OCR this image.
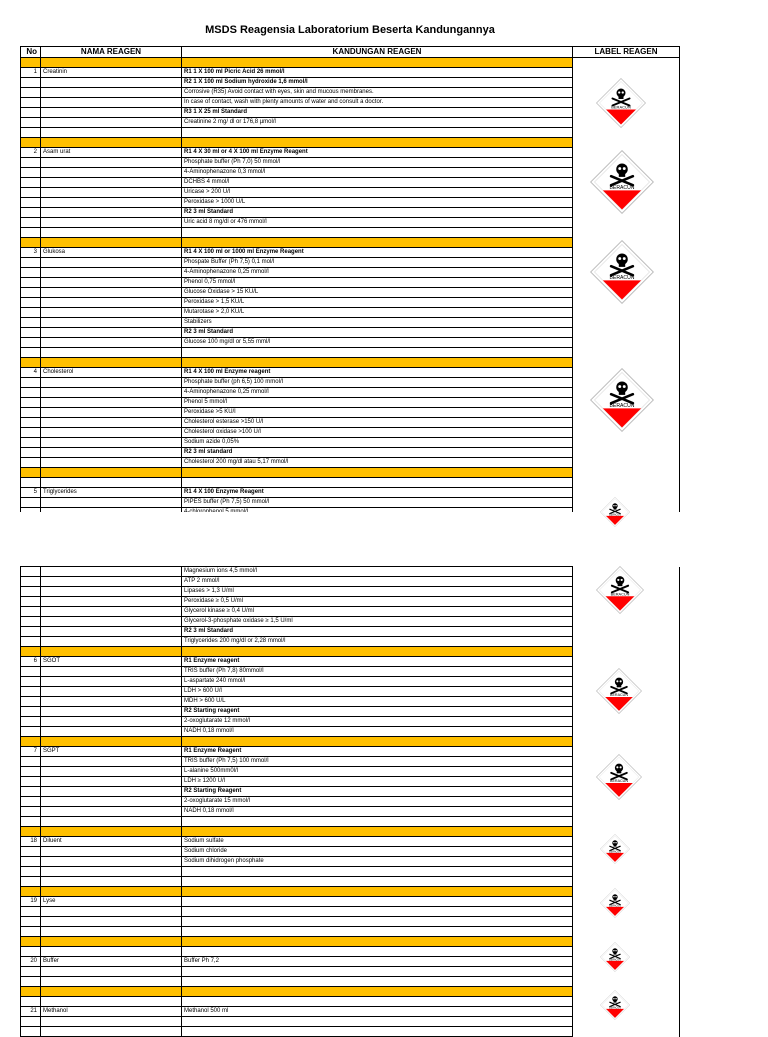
MSDS Reagensia Laboratorium Beserta Kandungannya
No	NAMA REAGEN	KANDUNGAN REAGEN	LABEL REAGEN

1	Creatinin	R1 1 X 100 ml Picric Acid 26 mmol/l	
		R2 1 X 100 ml Sodium hydroxide 1,6 mmol/l	
		Corrosive (R35) Avoid contact with eyes, skin and mucous membranes.	
		In case of contact, wash with plenty amounts of water and consult a doctor.	
		R3 1 X 25 ml Standard	
		Creatinine 2 mg/ dl or 176,8 µmol/l	

2	Asam urat	R1 4 X 30 ml or 4 X 100 ml Enzyme Reagent	
		Phosphate buffer (Ph 7,0) 50 mmol/l	
		4-Aminophenazone 0,3 mmol/l	
		DCHBS 4 mmol/l	
		Uricase > 200 U/l	
		Peroxidase > 1000 U/L	
		R2 3 ml Standard	
		Uric acid 8 mg/dl or 476 mmol/l	

3	Glukosa	R1 4 X 100 ml or 1000 ml Enzyme Reagent	
		Phospate Buffer (Ph 7,5) 0,1 mol/l	
		4-Aminophenazone 0,25 mmol/l	
		Phenol 0,75 mmol/l	
		Glucose Oxidase > 15 KU/L	
		Peroxidase > 1,5 KU/L	
		Mutarotase > 2,0 KU/L	
		Stabilizers	
		R2 3 ml Standard	
		Glucose 100 mg/dl or 5,55 mml/l	

4	Cholesterol	R1 4 X 100 ml Enzyme reagent	
		Phosphate buffer (ph 6,5) 100 mmol/l	
		4-Aminophenazone 0,25 mmol/l	
		Phenol 5 mmol/l	
		Peroxidase >5 KU/l	
		Cholesterol esterase >150 U/l	
		Cholesterol oxidase >100 U/l	
		Sodium azide 0,05%	
		R2 3 ml standard	
		Cholesterol 200 mg/dl atau 5,17 mmol/l	

5	Triglycerides	R1 4 X 100 Enzyme Reagent	
		PIPES buffer (Ph 7,5) 50 mmol/l	

		Magnesium ions 4,5 mmol/l	
		ATP 2 mmol/l	
		Lipases > 1,3 U/ml	
		Peroxidase ≥ 0,5 U/ml	
		Glycerol kinase ≥ 0,4 U/ml	
		Glycerol-3-phosphate oxidase ≥ 1,5 U/ml	
		R2 3 ml Standard	
		Triglycerides 200 mg/dl or 2,28 mmol/l	

6	SGOT	R1 Enzyme reagent	
		TRIS buffer (Ph 7,8) 80mmol/l	
		L-aspartate 240 mmol/l	
		LDH > 600 U/l	
		MDH > 600 U/L	
		R2 Starting reagent	
		2-oxoglutarate 12 mmol/l	
		NADH 0,18 mmol/l	

7	SGPT	R1 Enzyme Reagent	
		TRIS buffer (Ph 7,5) 100 mmol/l	
		L-alanine 500mm0l/l	
		LDH ≥ 1200 U/l	
		R2 Starting Reagent	
		2-oxoglutarate 15 mmol/l	
		NADH 0,18 mmol/l	

18	Diluent	Sodium sulfate	
		Sodium chloride	
		Sodium dihidrogen phosphate	

19	Lyse		

20	Buffer	Buffer Ph 7,2	

21	Methanol	Methanol 500 ml	

BERACUN
BERACUN
BERACUN
BERACUN
BERACUN
BERACUN
BERACUN
BERACUN
BERACUN
BERACUN
BERACUN
BERACUN
